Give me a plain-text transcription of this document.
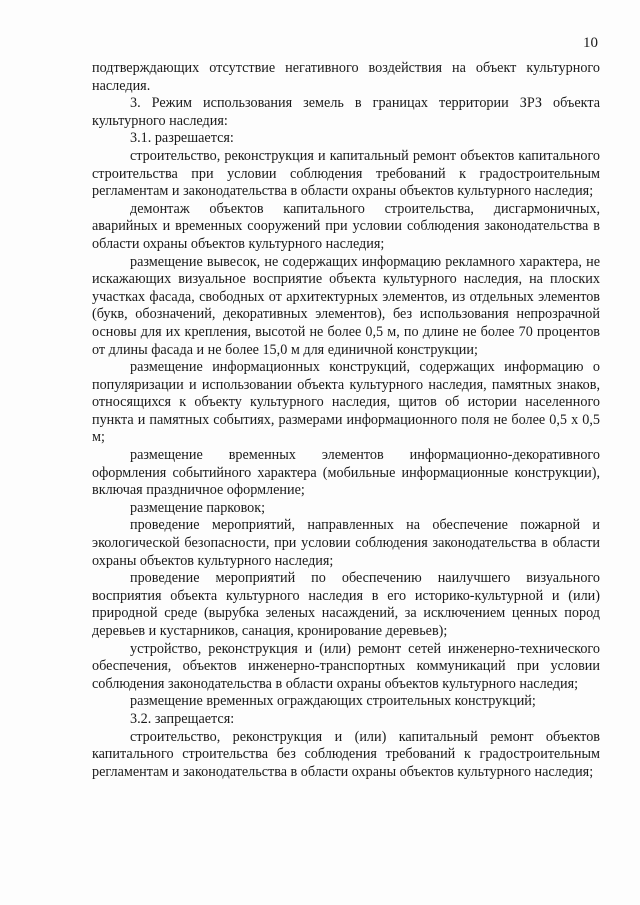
10

подтверждающих отсутствие негативного воздействия на объект культурного наследия.

3. Режим использования земель в границах территории ЗРЗ объекта культурного наследия:

3.1. разрешается:

строительство, реконструкция и капитальный ремонт объектов капитального строительства при условии соблюдения требований к градостроительным регламентам и законодательства в области охраны объектов культурного наследия;

демонтаж объектов капитального строительства, дисгармоничных, аварийных и временных сооружений при условии соблюдения законодательства в области охраны объектов культурного наследия;

размещение вывесок, не содержащих информацию рекламного характера, не искажающих визуальное восприятие объекта культурного наследия, на плоских участках фасада, свободных от архитектурных элементов, из отдельных элементов (букв, обозначений, декоративных элементов), без использования непрозрачной основы для их крепления, высотой не более 0,5 м, по длине не более 70 процентов от длины фасада и не более 15,0 м для единичной конструкции;

размещение информационных конструкций, содержащих информацию о популяризации и использовании объекта культурного наследия, памятных знаков, относящихся к объекту культурного наследия, щитов об истории населенного пункта и памятных событиях, размерами информационного поля не более 0,5 х 0,5 м;

размещение временных элементов информационно-декоративного оформления событийного характера (мобильные информационные конструкции), включая праздничное оформление;

размещение парковок;

проведение мероприятий, направленных на обеспечение пожарной и экологической безопасности, при условии соблюдения законодательства в области охраны объектов культурного наследия;

проведение мероприятий по обеспечению наилучшего визуального восприятия объекта культурного наследия в его историко-культурной и (или) природной среде (вырубка зеленых насаждений, за исключением ценных пород деревьев и кустарников, санация, кронирование деревьев);

устройство, реконструкция и (или) ремонт сетей инженерно-технического обеспечения, объектов инженерно-транспортных коммуникаций при условии соблюдения законодательства в области охраны объектов культурного наследия;

размещение временных ограждающих строительных конструкций;

3.2. запрещается:

строительство, реконструкция и (или) капитальный ремонт объектов капитального строительства без соблюдения требований к градостроительным регламентам и законодательства в области охраны объектов культурного наследия;
